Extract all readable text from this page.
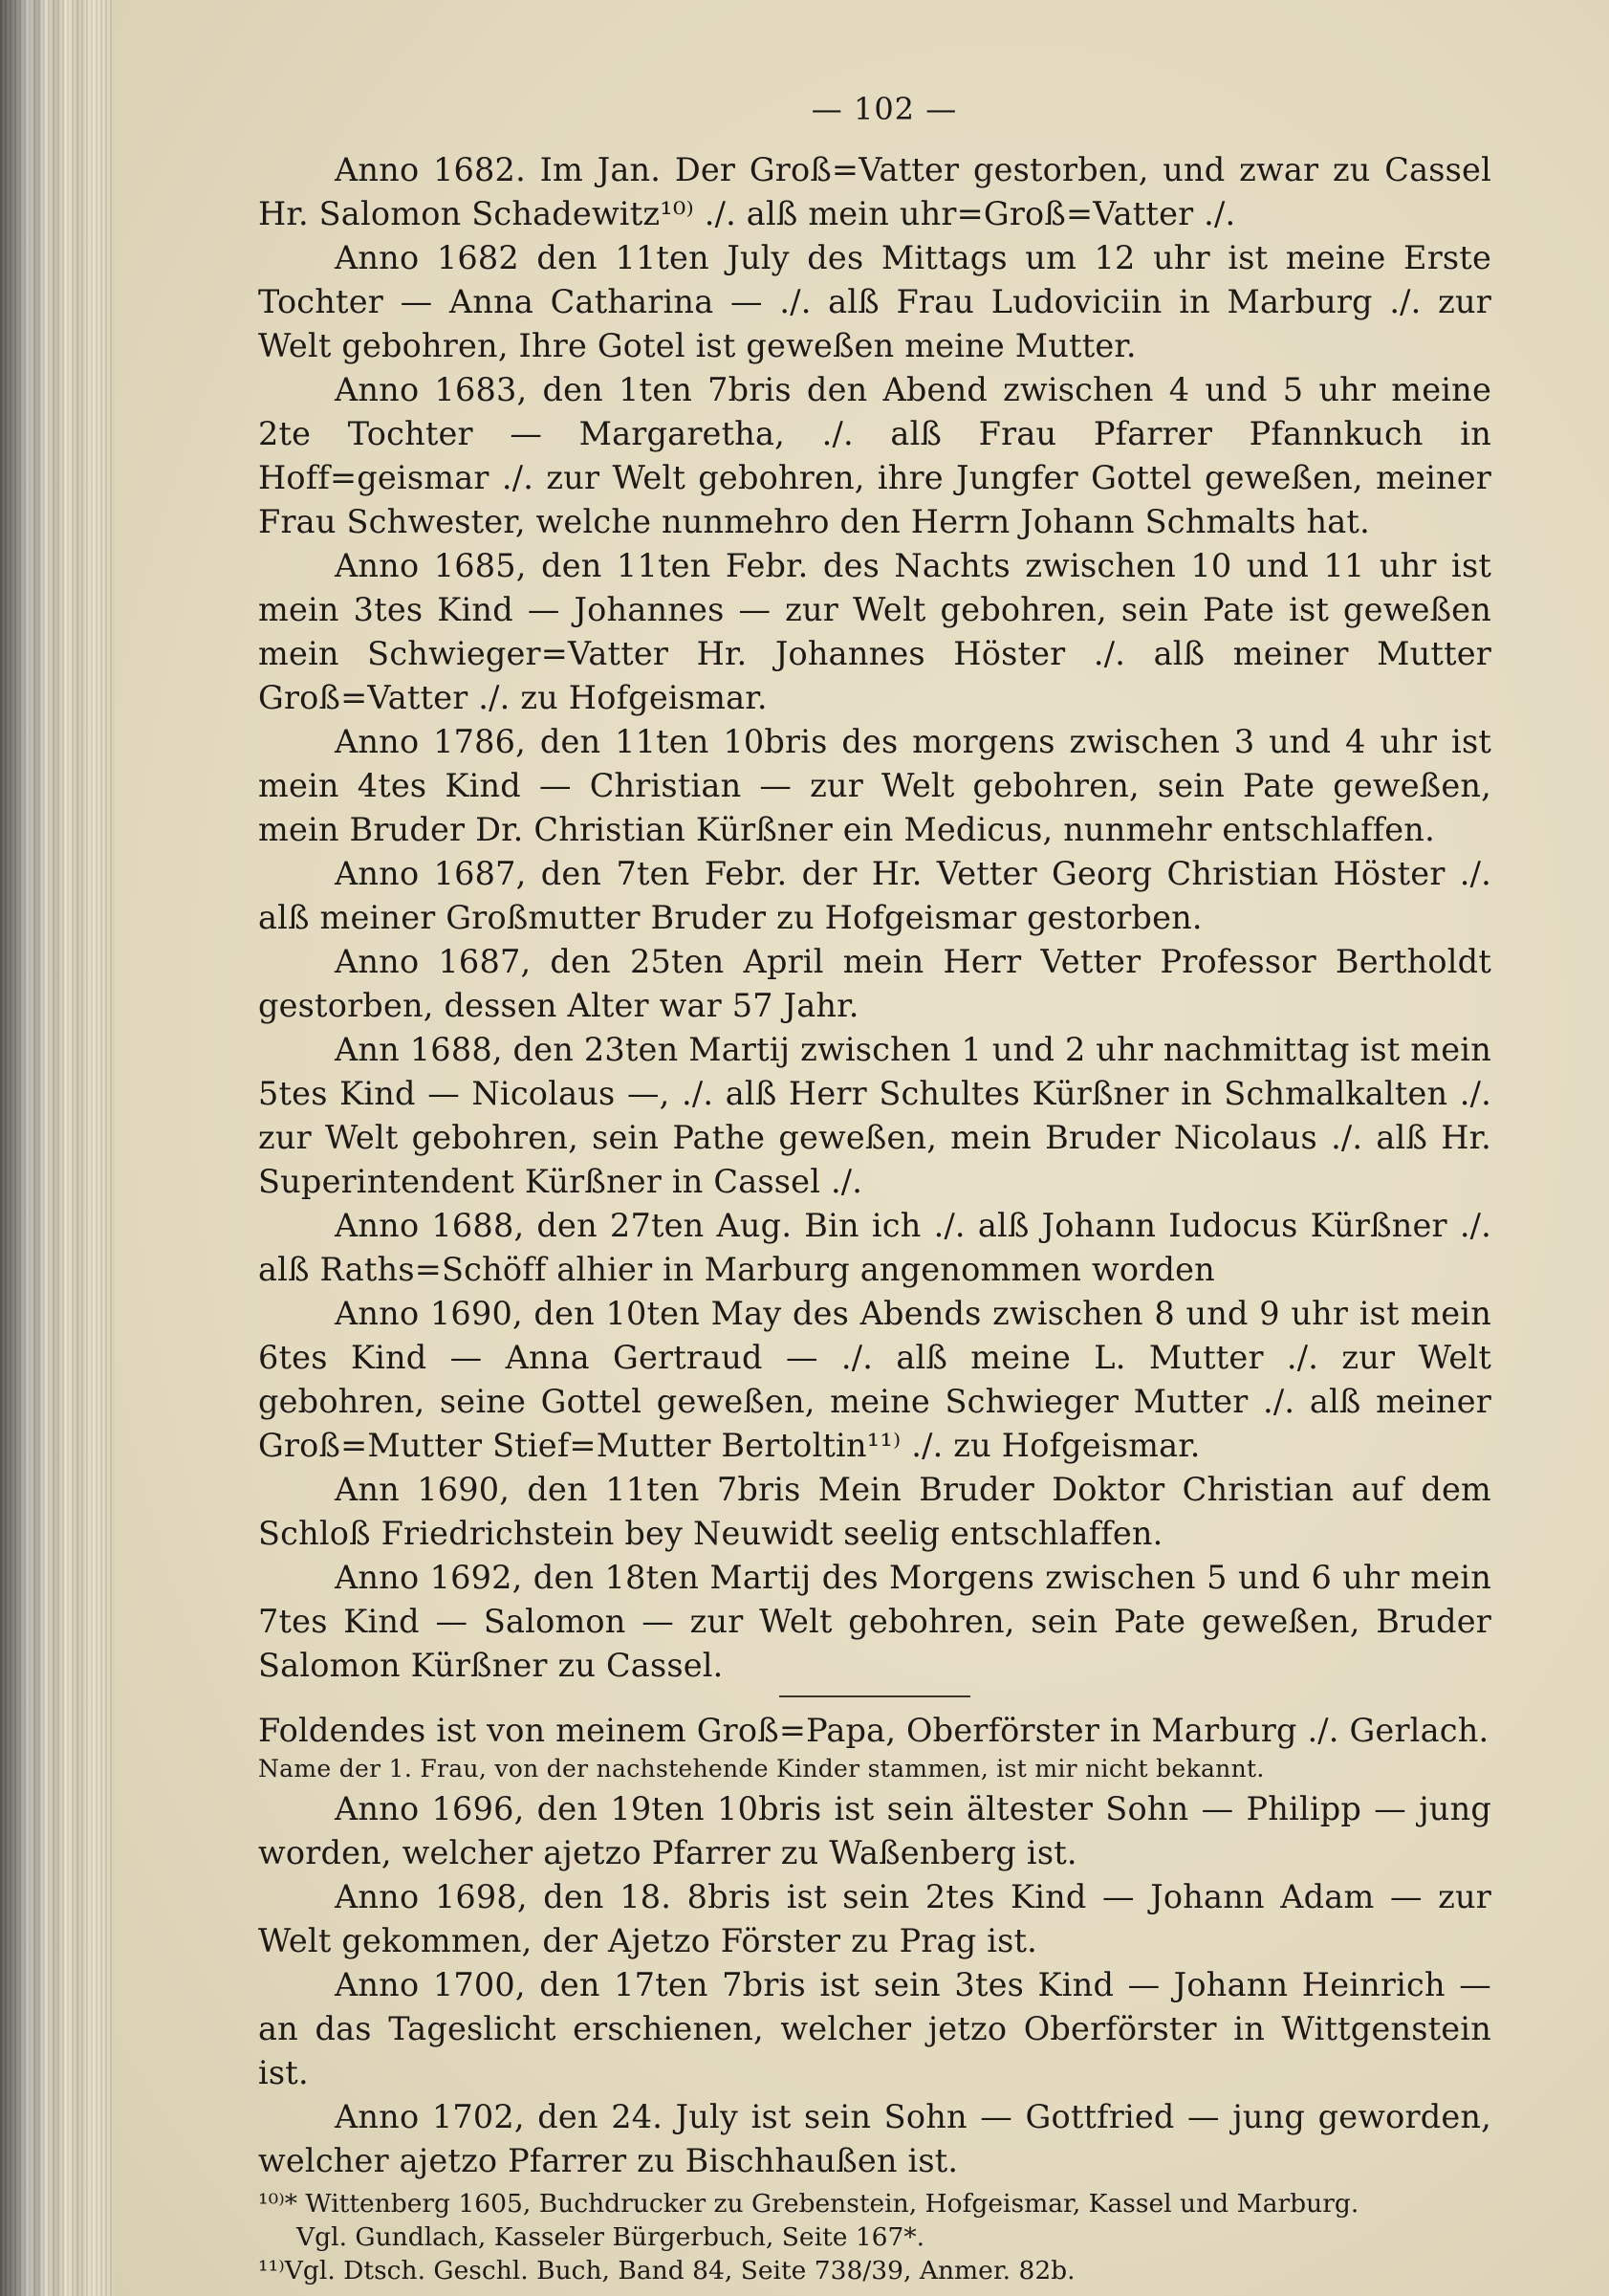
— 102 —

Anno 1682. Im Jan. Der Groß=Vatter gestorben, und zwar zu Cassel Hr. Salomon Schadewitz¹⁰⁾ ./. alß mein uhr=Groß=Vatter ./.

Anno 1682 den 11ten July des Mittags um 12 uhr ist meine Erste Tochter — Anna Catharina — ./. alß Frau Ludoviciin in Marburg ./. zur Welt gebohren, Ihre Gotel ist geweßen meine Mutter.

Anno 1683, den 1ten 7bris den Abend zwischen 4 und 5 uhr meine 2te Tochter — Margaretha, ./. alß Frau Pfarrer Pfannkuch in Hoff=geismar ./. zur Welt gebohren, ihre Jungfer Gottel geweßen, meiner Frau Schwester, welche nunmehro den Herrn Johann Schmalts hat.

Anno 1685, den 11ten Febr. des Nachts zwischen 10 und 11 uhr ist mein 3tes Kind — Johannes — zur Welt gebohren, sein Pate ist geweßen mein Schwieger=Vatter Hr. Johannes Höster ./. alß meiner Mutter Groß=Vatter ./. zu Hofgeismar.

Anno 1786, den 11ten 10bris des morgens zwischen 3 und 4 uhr ist mein 4tes Kind — Christian — zur Welt gebohren, sein Pate geweßen, mein Bruder Dr. Christian Kürßner ein Medicus, nunmehr entschlaffen.

Anno 1687, den 7ten Febr. der Hr. Vetter Georg Christian Höster ./. alß meiner Großmutter Bruder zu Hofgeismar gestorben.

Anno 1687, den 25ten April mein Herr Vetter Professor Bertholdt gestorben, dessen Alter war 57 Jahr.

Ann 1688, den 23ten Martij zwischen 1 und 2 uhr nachmittag ist mein 5tes Kind — Nicolaus —, ./. alß Herr Schultes Kürßner in Schmalkalten ./. zur Welt gebohren, sein Pathe geweßen, mein Bruder Nicolaus ./. alß Hr. Superintendent Kürßner in Cassel ./.

Anno 1688, den 27ten Aug. Bin ich ./. alß Johann Iudocus Kürßner ./. alß Raths=Schöff alhier in Marburg angenommen worden

Anno 1690, den 10ten May des Abends zwischen 8 und 9 uhr ist mein 6tes Kind — Anna Gertraud — ./. alß meine L. Mutter ./. zur Welt gebohren, seine Gottel geweßen, meine Schwieger Mutter ./. alß meiner Groß=Mutter Stief=Mutter Bertoltin¹¹⁾ ./. zu Hofgeismar.

Ann 1690, den 11ten 7bris Mein Bruder Doktor Christian auf dem Schloß Friedrichstein bey Neuwidt seelig entschlaffen.

Anno 1692, den 18ten Martij des Morgens zwischen 5 und 6 uhr mein 7tes Kind — Salomon — zur Welt gebohren, sein Pate geweßen, Bruder Salomon Kürßner zu Cassel.

Foldendes ist von meinem Groß=Papa, Oberförster in Marburg ./. Gerlach.

Name der 1. Frau, von der nachstehende Kinder stammen, ist mir nicht bekannt.

Anno 1696, den 19ten 10bris ist sein ältester Sohn — Philipp — jung worden, welcher ajetzo Pfarrer zu Waßenberg ist.

Anno 1698, den 18. 8bris ist sein 2tes Kind — Johann Adam — zur Welt gekommen, der Ajetzo Förster zu Prag ist.

Anno 1700, den 17ten 7bris ist sein 3tes Kind — Johann Heinrich — an das Tageslicht erschienen, welcher jetzo Oberförster in Wittgenstein ist.

Anno 1702, den 24. July ist sein Sohn — Gottfried — jung geworden, welcher ajetzo Pfarrer zu Bischhaußen ist.

¹⁰⁾* Wittenberg 1605, Buchdrucker zu Grebenstein, Hofgeismar, Kassel und Marburg.

Vgl. Gundlach, Kasseler Bürgerbuch, Seite 167*.

¹¹⁾Vgl. Dtsch. Geschl. Buch, Band 84, Seite 738/39, Anmer. 82b.
